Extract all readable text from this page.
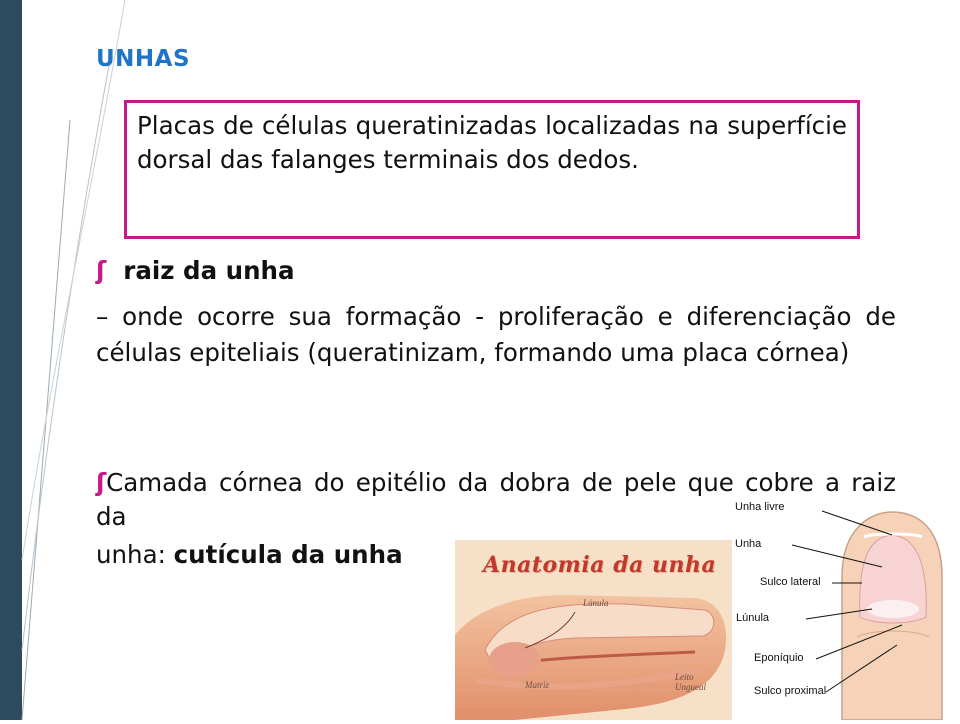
UNHAS

Placas de células queratinizadas localizadas na superfície dorsal das falanges terminais dos dedos.

ʃ raiz da unha

– onde ocorre sua formação - proliferação e diferenciação de células epiteliais (queratinizam, formando uma placa córnea)

ʃCamada córnea do epitélio da dobra de pele que cobre a raiz da

unha: cutícula da unha	Anatomia da unha
Lúnula
Matriz
Leito
Ungueal
Unha livre
Unha
Sulco lateral
Lúnula
Eponíquio
Sulco proximal
